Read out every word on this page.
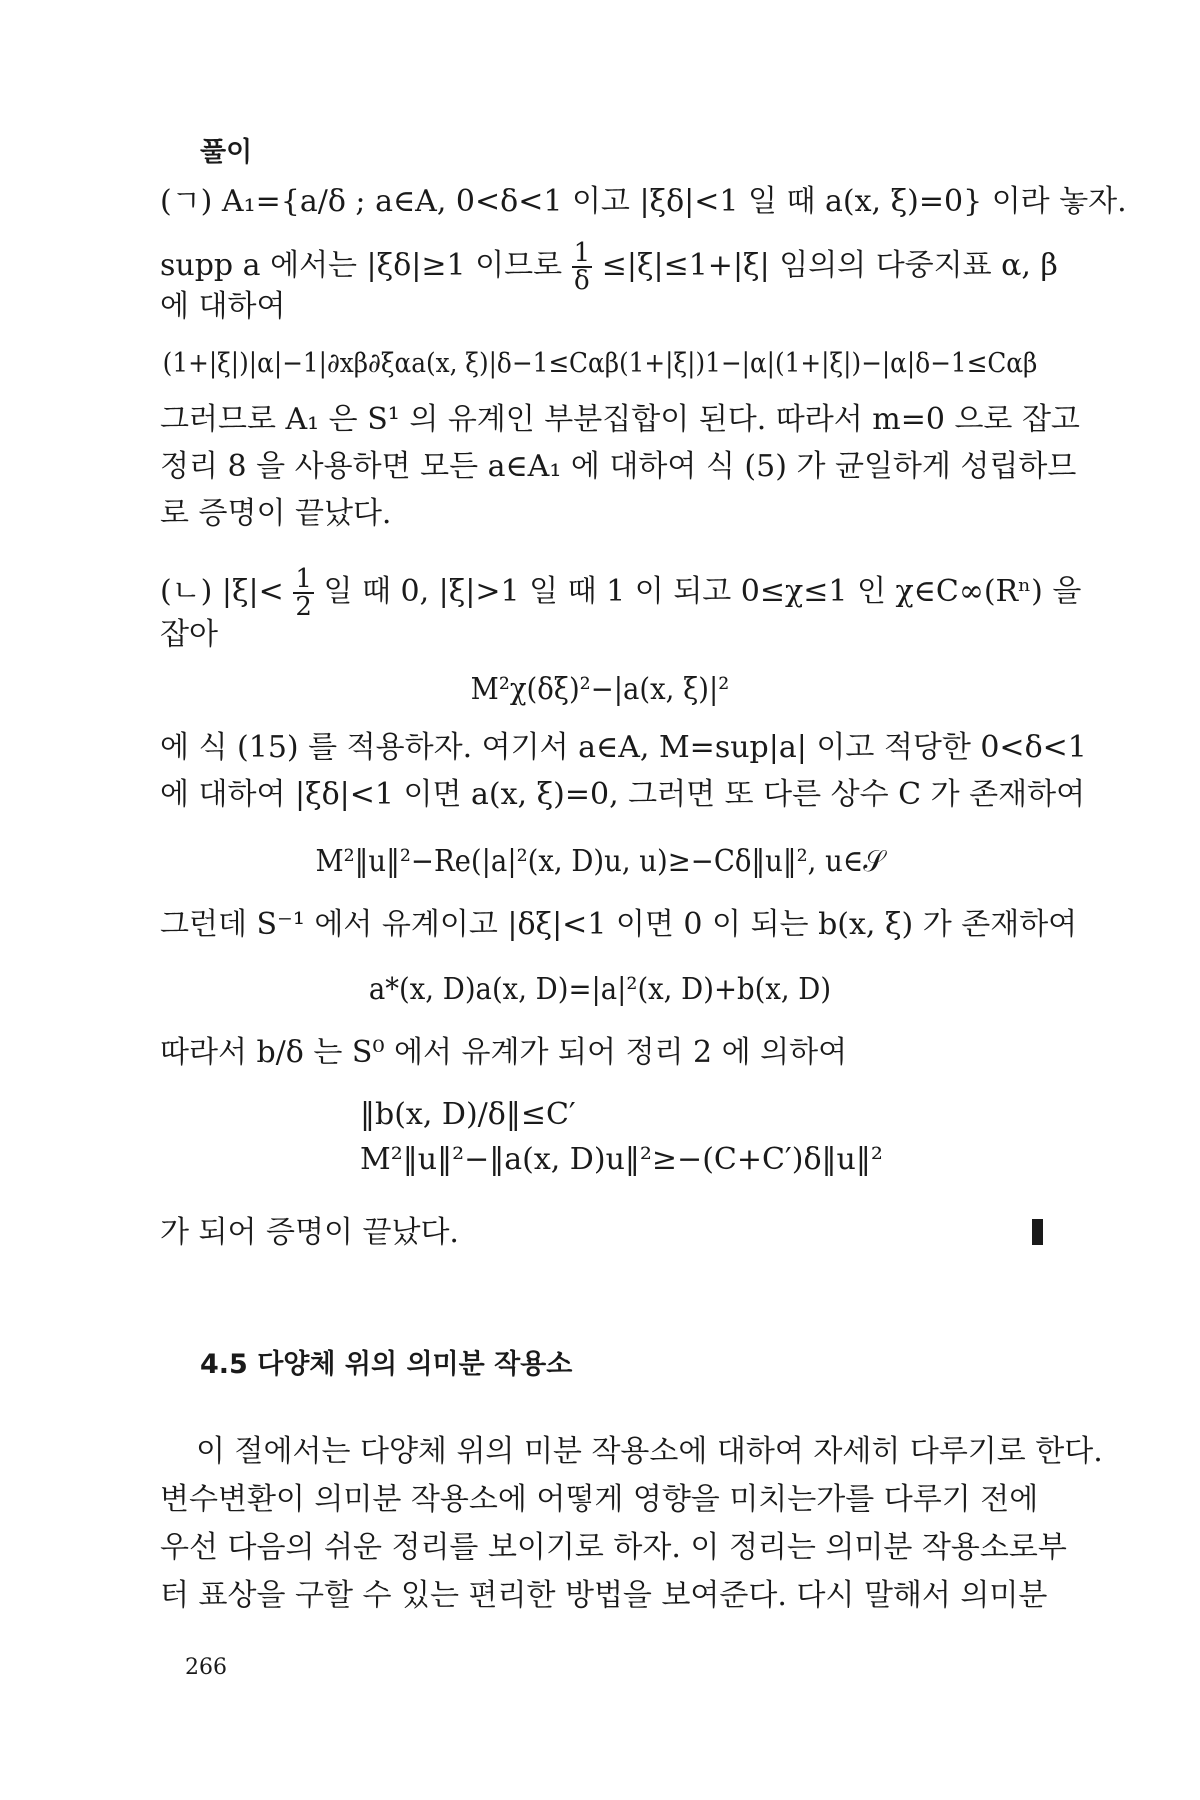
풀이
(ㄱ) A₁={a/δ ; a∈A, 0<δ<1 이고 |ξδ|<1 일 때 a(x, ξ)=0} 이라 놓자.
supp a 에서는 |ξδ|≥1 이므로 $\frac{1}{\delta} \le|\xi|\le 1+|\xi|$ 임의의 다중지표 α, β
에 대하여
(1+|ξ|)|α|−1|∂xβ∂ξαa(x, ξ)|δ−1≤Cαβ(1+|ξ|)1−|α|(1+|ξ|)−|α|δ−1≤Cαβ
그러므로 A₁ 은 S¹ 의 유계인 부분집합이 된다. 따라서 m=0 으로 잡고
정리 8 을 사용하면 모든 a∈A₁ 에 대하여 식 (5) 가 균일하게 성립하므
로 증명이 끝났다.
(ㄴ) $|\xi|< \frac{1}{2}$ 일 때 0, |ξ|>1 일 때 1 이 되고 0≤χ≤1 인 χ∈C∞(Rⁿ) 을
잡아
M²χ(δξ)²−|a(x, ξ)|²
에 식 (15) 를 적용하자. 여기서 a∈A, M=sup|a| 이고 적당한 0<δ<1
에 대하여 |ξδ|<1 이면 a(x, ξ)=0, 그러면 또 다른 상수 C 가 존재하여
M²‖u‖²−Re(|a|²(x, D)u, u)≥−Cδ‖u‖², u∈𝒮
그런데 S⁻¹ 에서 유계이고 |δξ|<1 이면 0 이 되는 b(x, ξ) 가 존재하여
a*(x, D)a(x, D)=|a|²(x, D)+b(x, D)
따라서 b/δ 는 S⁰ 에서 유계가 되어 정리 2 에 의하여
‖b(x, D)/δ‖≤C′
M²‖u‖²−‖a(x, D)u‖²≥−(C+C′)δ‖u‖²
가 되어 증명이 끝났다.
4.5 다양체 위의 의미분 작용소
이 절에서는 다양체 위의 미분 작용소에 대하여 자세히 다루기로 한다.
변수변환이 의미분 작용소에 어떻게 영향을 미치는가를 다루기 전에
우선 다음의 쉬운 정리를 보이기로 하자. 이 정리는 의미분 작용소로부
터 표상을 구할 수 있는 편리한 방법을 보여준다. 다시 말해서 의미분
266
